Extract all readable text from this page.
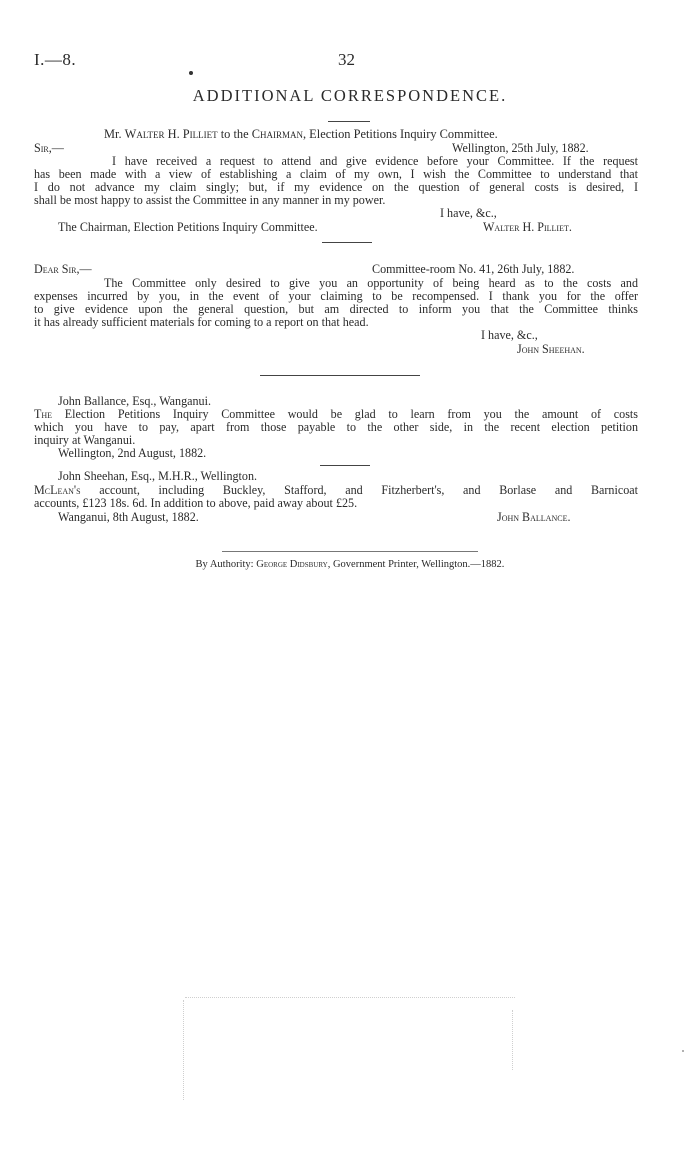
I.—8.	32
ADDITIONAL CORRESPONDENCE.
Mr. Walter H. Pilliet to the Chairman, Election Petitions Inquiry Committee.
Sir,—	Wellington, 25th July, 1882.
I have received a request to attend and give evidence before your Committee. If the request
has been made with a view of establishing a claim of my own, I wish the Committee to understand that
I do not advance my claim singly; but, if my evidence on the question of general costs is desired, I
shall be most happy to assist the Committee in any manner in my power.
I have, &c.,
The Chairman, Election Petitions Inquiry Committee.	Walter H. Pilliet.
Dear Sir,—	Committee-room No. 41, 26th July, 1882.
The Committee only desired to give you an opportunity of being heard as to the costs and
expenses incurred by you, in the event of your claiming to be recompensed. I thank you for the offer
to give evidence upon the general question, but am directed to inform you that the Committee thinks
it has already sufficient materials for coming to a report on that head.
I have, &c.,
John Sheehan.
John Ballance, Esq., Wanganui.
The Election Petitions Inquiry Committee would be glad to learn from you the amount of costs
which you have to pay, apart from those payable to the other side, in the recent election petition
inquiry at Wanganui.
Wellington, 2nd August, 1882.
John Sheehan, Esq., M.H.R., Wellington.
McLean's account, including Buckley, Stafford, and Fitzherbert's, and Borlase and Barnicoat
accounts, £123 18s. 6d. In addition to above, paid away about £25.
Wanganui, 8th August, 1882.	John Ballance.
By Authority: George Didsbury, Government Printer, Wellington.—1882.
